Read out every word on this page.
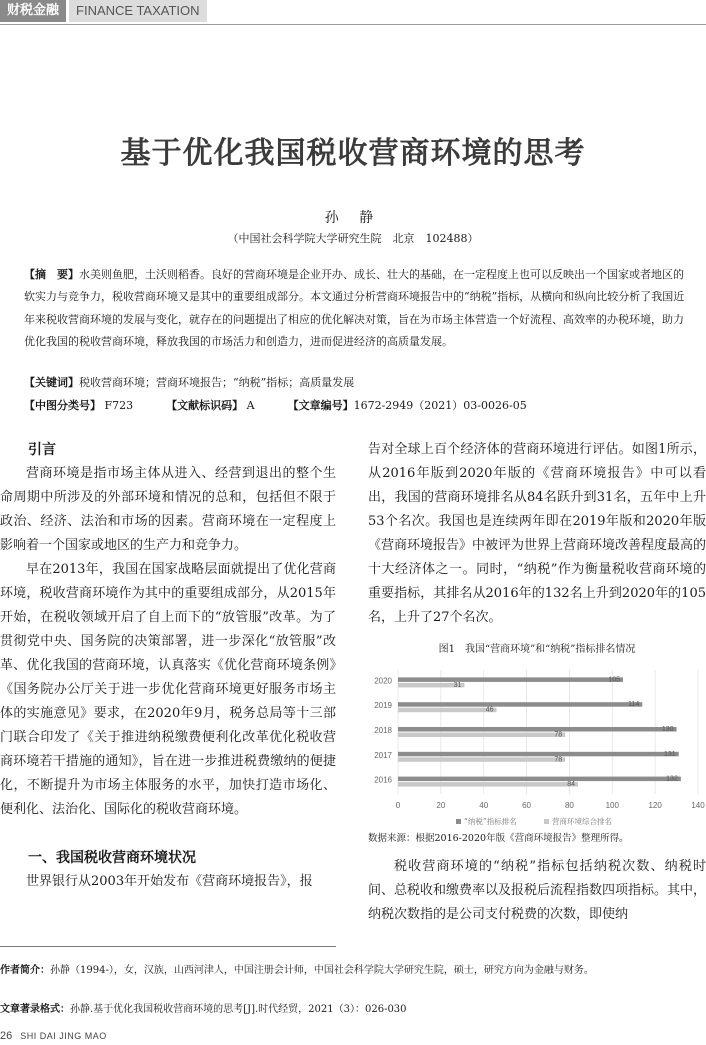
财税金融	FINANCE TAXATION
基于优化我国税收营商环境的思考
孙 静
（中国社会科学院大学研究生院　北京　102488）
【摘　要】水美则鱼肥，土沃则稻香。良好的营商环境是企业开办、成长、壮大的基础，在一定程度上也可以反映出一个国家或者地区的软实力与竞争力，税收营商环境又是其中的重要组成部分。本文通过分析营商环境报告中的“纳税”指标，从横向和纵向比较分析了我国近年来税收营商环境的发展与变化，就存在的问题提出了相应的优化解决对策，旨在为市场主体营造一个好流程、高效率的办税环境，助力优化我国的税收营商环境，释放我国的市场活力和创造力，进而促进经济的高质量发展。
【关键词】税收营商环境；营商环境报告；“纳税”指标；高质量发展
【中图分类号】 F723	【文献标识码】 A	【文章编号】1672-2949（2021）03-0026-05
引言

营商环境是指市场主体从进入、经营到退出的整个生命周期中所涉及的外部环境和情况的总和，包括但不限于政治、经济、法治和市场的因素。营商环境在一定程度上影响着一个国家或地区的生产力和竞争力。

早在2013年，我国在国家战略层面就提出了优化营商环境，税收营商环境作为其中的重要组成部分，从2015年开始，在税收领域开启了自上而下的“放管服”改革。为了贯彻党中央、国务院的决策部署，进一步深化“放管服”改革、优化我国的营商环境，认真落实《优化营商环境条例》《国务院办公厅关于进一步优化营商环境更好服务市场主体的实施意见》要求，在2020年9月，税务总局等十三部门联合印发了《关于推进纳税缴费便利化改革优化税收营商环境若干措施的通知》，旨在进一步推进税费缴纳的便捷化，不断提升为市场主体服务的水平，加快打造市场化、便利化、法治化、国际化的税收营商环境。

一、我国税收营商环境状况

世界银行从2003年开始发布《营商环境报告》，报

告对全球上百个经济体的营商环境进行评估。如图1所示，从2016年版到2020年版的《营商环境报告》中可以看出，我国的营商环境排名从84名跃升到31名，五年中上升53个名次。我国也是连续两年即在2019年版和2020年版《营商环境报告》中被评为世界上营商环境改善程度最高的十大经济体之一。同时，“纳税”作为衡量税收营商环境的重要指标，其排名从2016年的132名上升到2020年的105名，上升了27个名次。

图1　我国“营商环境”和“纳税”指标排名情况
0	20	40	60	80	100	120	140
2020	105
31
2019	114
46
2018	130
78
2017	131
78
2016	132
84
“纳税”指标排名	营商环境综合排名
数据来源：根据2016-2020年版《营商环境报告》整理所得。

税收营商环境的“纳税”指标包括纳税次数、纳税时间、总税收和缴费率以及报税后流程指数四项指标。其中，纳税次数指的是公司支付税费的次数，即使纳

作者简介：孙静（1994-），女，汉族，山西河津人，中国注册会计师，中国社会科学院大学研究生院，硕士，研究方向为金融与财务。
文章著录格式：孙静.基于优化我国税收营商环境的思考[J].时代经贸，2021（3）：026-030
26 SHI DAI JING MAO
